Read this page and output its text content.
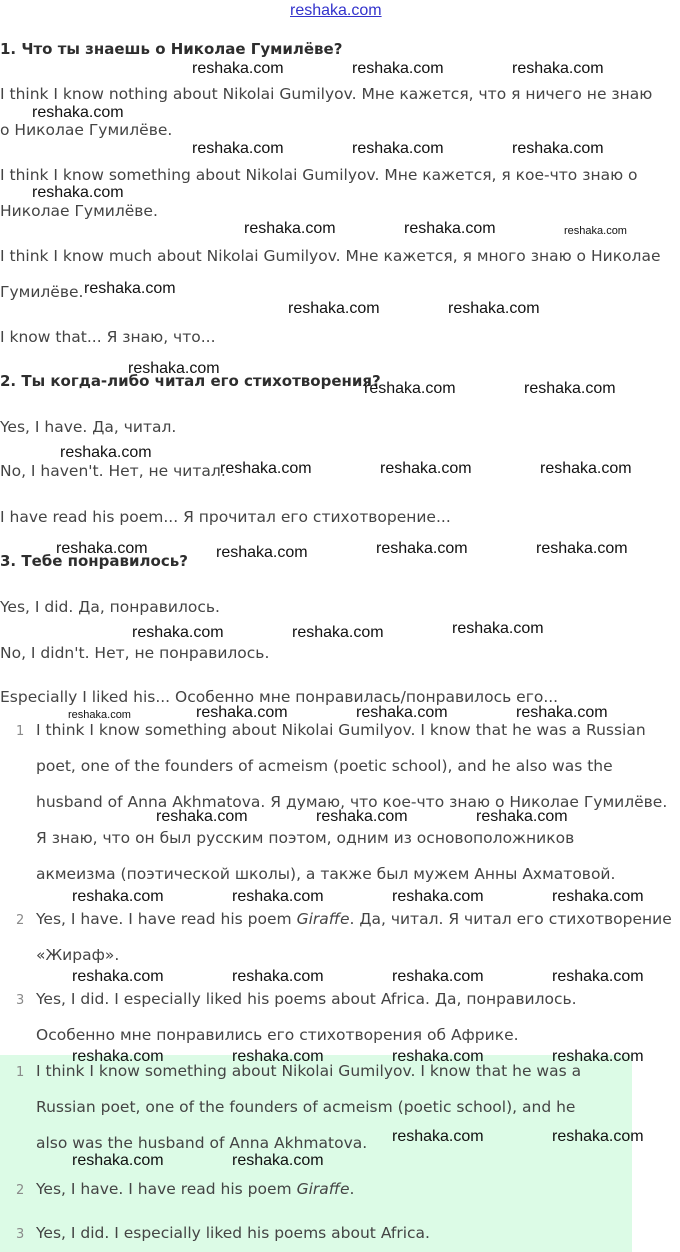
reshaka.com
1. Что ты знаешь о Николае Гумилёве?
I think I know nothing about Nikolai Gumilyov. Мне кажется, что я ничего не знаю
о Николае Гумилёве.
I think I know something about Nikolai Gumilyov. Мне кажется, я кое-что знаю о
Николае Гумилёве.
I think I know much about Nikolai Gumilyov. Мне кажется, я много знаю о Николае
Гумилёве.
I know that... Я знаю, что...
2. Ты когда-либо читал его стихотворения?
Yes, I have. Да, читал.
No, I haven't. Нет, не читал.
I have read his poem... Я прочитал его стихотворение...
3. Тебе понравилось?
Yes, I did. Да, понравилось.
No, I didn't. Нет, не понравилось.
Especially I liked his... Особенно мне понравилась/понравилось его...
1 I think I know something about Nikolai Gumilyov. I know that he was a Russian
poet, one of the founders of acmeism (poetic school), and he also was the
husband of Anna Akhmatova. Я думаю, что кое-что знаю о Николае Гумилёве.
Я знаю, что он был русским поэтом, одним из основоположников
акмеизма (поэтической школы), а также был мужем Анны Ахматовой.
2 Yes, I have. I have read his poem Giraffe. Да, читал. Я читал его стихотворение
«Жираф».
3 Yes, I did. I especially liked his poems about Africa. Да, понравилось.
Особенно мне понравились его стихотворения об Африке.
1 I think I know something about Nikolai Gumilyov. I know that he was a
Russian poet, one of the founders of acmeism (poetic school), and he
also was the husband of Anna Akhmatova.
2 Yes, I have. I have read his poem Giraffe.
3 Yes, I did. I especially liked his poems about Africa.
reshaka.com	reshaka.com	reshaka.com
reshaka.com
reshaka.com	reshaka.com	reshaka.com
reshaka.com
reshaka.com	reshaka.com	reshaka.com
reshaka.com
reshaka.com	reshaka.com
reshaka.com
reshaka.com	reshaka.com
reshaka.com
reshaka.com	reshaka.com	reshaka.com
reshaka.com	reshaka.com	reshaka.com	reshaka.com
reshaka.com	reshaka.com	reshaka.com
reshaka.com	reshaka.com	reshaka.com	reshaka.com
reshaka.com	reshaka.com	reshaka.com
reshaka.com	reshaka.com	reshaka.com	reshaka.com
reshaka.com	reshaka.com	reshaka.com	reshaka.com
reshaka.com	reshaka.com	reshaka.com	reshaka.com
reshaka.com	reshaka.com
reshaka.com	reshaka.com
